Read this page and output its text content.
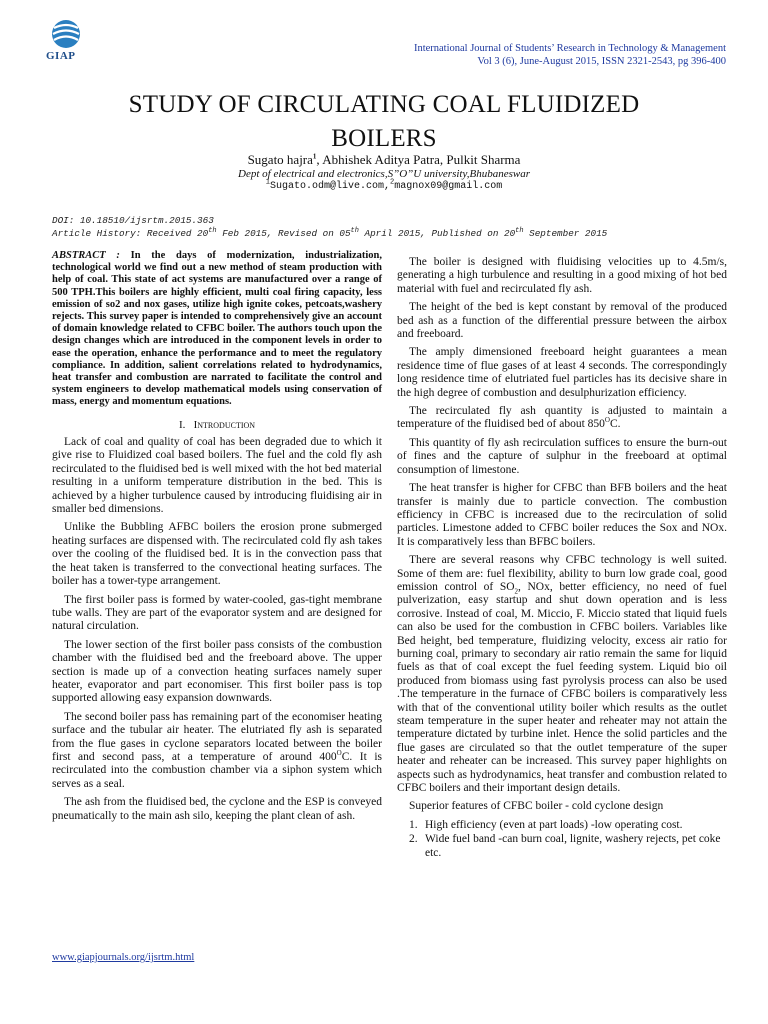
GIAP
International Journal of Students’ Research in Technology & Management
Vol 3 (6), June-August 2015, ISSN 2321-2543, pg 396-400
STUDY OF CIRCULATING COAL FLUIDIZED
BOILERS
Sugato hajra$^1$, Abhishek Aditya Patra, Pulkit Sharma
Dept of electrical and electronics,S”O”U university,Bhubaneswar
$^1$Sugato.odm@live.com,$^2$magnox09@gmail.com
DOI: 10.18510/ijsrtm.2015.363
Article History: Received 20th Feb 2015, Revised on 05th April 2015, Published on 20th September 2015

ABSTRACT : In the days of modernization, industrialization, technological world we find out a new method of steam production with help of coal. This state of act systems are manufactured over a range of 500 TPH.This boilers are highly efficient, multi coal firing capacity, less emission of so2 and nox gases, utilize high ignite cokes, petcoats,washery rejects. This survey paper is intended to comprehensively give an account of domain knowledge related to CFBC boiler. The authors touch upon the design changes which are introduced in the component levels in order to ease the operation, enhance the performance and to meet the regulatory compliance. In addition, salient correlations related to hydrodynamics, heat transfer and combustion are narrated to facilitate the control and system engineers to develop mathematical models using conservation of mass, energy and momentum equations.

I. Introduction

Lack of coal and quality of coal has been degraded due to which it give rise to Fluidized coal based boilers. The fuel and the cold fly ash recirculated to the fluidised bed is well mixed with the hot bed material resulting in a uniform temperature distribution in the bed. This is achieved by a higher turbulence caused by introducing fluidising air in smaller bed dimensions.

Unlike the Bubbling AFBC boilers the erosion prone submerged heating surfaces are dispensed with. The recirculated cold fly ash takes over the cooling of the fluidised bed. It is in the convection pass that the heat taken is transferred to the convectional heating surfaces. The boiler has a tower-type arrangement.

The first boiler pass is formed by water-cooled, gas-tight membrane tube walls. They are part of the evaporator system and are designed for natural circulation.

The lower section of the first boiler pass consists of the combustion chamber with the fluidised bed and the freeboard above. The upper section is made up of a convection heating surfaces namely super heater, evaporator and part economiser. This first boiler pass is top supported allowing easy expansion downwards.

The second boiler pass has remaining part of the economiser heating surface and the tubular air heater. The elutriated fly ash is separated from the flue gases in cyclone separators located between the boiler first and second pass, at a temperature of around $400^OC$. It is recirculated into the combustion chamber via a siphon system which serves as a seal.

The ash from the fluidised bed, the cyclone and the ESP is conveyed pneumatically to the main ash silo, keeping the plant clean of ash.

The boiler is designed with fluidising velocities up to 4.5m/s, generating a high turbulence and resulting in a good mixing of hot bed material with fuel and recirculated fly ash.

The height of the bed is kept constant by removal of the produced bed ash as a function of the differential pressure between the airbox and freeboard.

The amply dimensioned freeboard height guarantees a mean residence time of flue gases of at least 4 seconds. The correspondingly long residence time of elutriated fuel particles has its decisive share in the high degree of combustion and desulphurization efficiency.

The recirculated fly ash quantity is adjusted to maintain a temperature of the fluidised bed of about $850^OC$.

This quantity of fly ash recirculation suffices to ensure the burn-out of fines and the capture of sulphur in the freeboard at optimal consumption of limestone.

The heat transfer is higher for CFBC than BFB boilers and the heat transfer is mainly due to particle convection. The combustion efficiency in CFBC is increased due to the recirculation of solid particles. Limestone added to CFBC boiler reduces the Sox and NOx. It is comparatively less than BFBC boilers.

There are several reasons why CFBC technology is well suited. Some of them are: fuel flexibility, ability to burn low grade coal, good emission control of $SO_2$, NOx, better efficiency, no need of fuel pulverization, easy startup and shut down operation and is less corrosive. Instead of coal, M. Miccio, F. Miccio stated that liquid fuels can also be used for the combustion in CFBC boilers. Variables like Bed height, bed temperature, fluidizing velocity, excess air ratio for burning coal, primary to secondary air ratio remain the same for liquid fuels as that of coal except the fuel feeding system. Liquid bio oil produced from biomass using fast pyrolysis process can also be used .The temperature in the furnace of CFBC boilers is comparatively less with that of the conventional utility boiler which results as the outlet steam temperature in the super heater and reheater may not attain the temperature dictated by turbine inlet. Hence the solid particles and the flue gases are circulated so that the outlet temperature of the super heater and reheater can be increased. This survey paper highlights on aspects such as hydrodynamics, heat transfer and combustion related to CFBC boilers and their important design details.

Superior features of CFBC boiler - cold cyclone design

1. High efficiency (even at part loads) -low operating cost.
2. Wide fuel band -can burn coal, lignite, washery rejects, pet coke etc.
www.giapjournals.org/ijsrtm.html
